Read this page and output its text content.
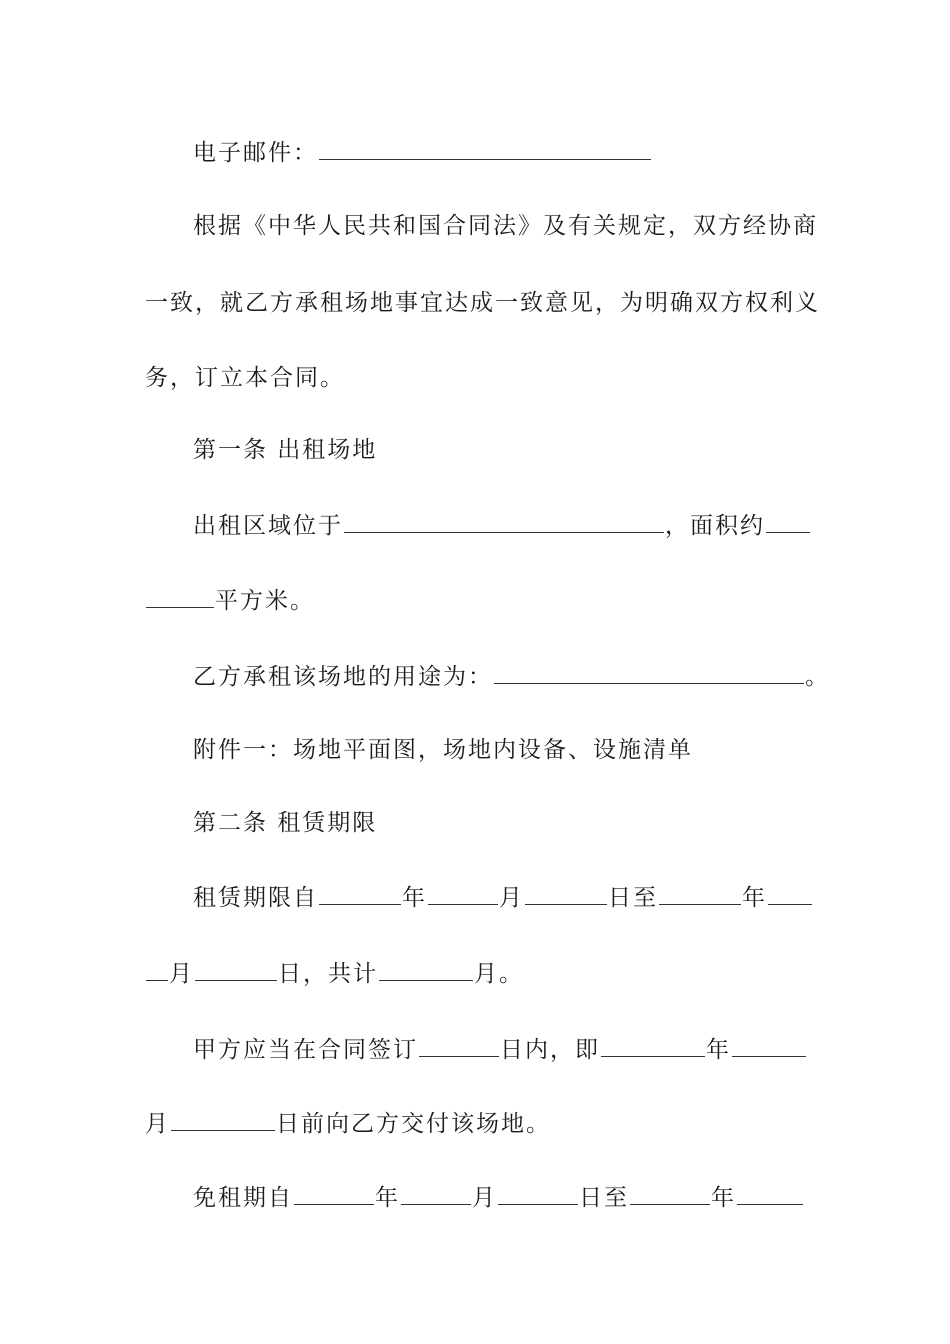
电子邮件：
根据《中华人民共和国合同法》及有关规定，双方经协商
一致，就乙方承租场地事宜达成一致意见，为明确双方权利义
务，订立本合同。
第一条 出租场地
出租区域位于	，面积约
平方米。
乙方承租该场地的用途为：	。
附件一：场地平面图，场地内设备、设施清单
第二条 租赁期限
租赁期限自	年	月	日至	年
月	日，共计	月。
甲方应当在合同签订	日内，即	年
月	日前向乙方交付该场地。
免租期自	年	月	日至	年
